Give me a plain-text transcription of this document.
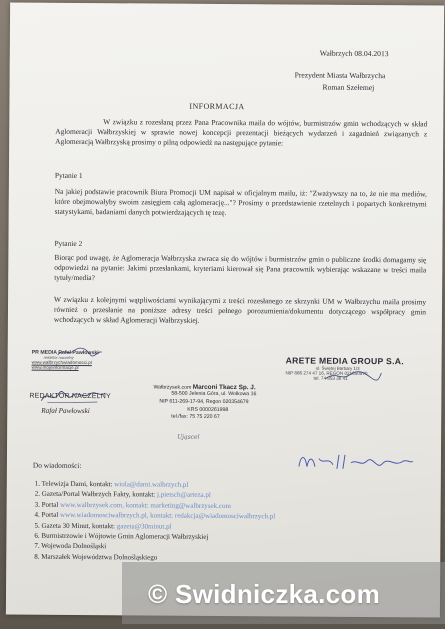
Wałbrzych 08.04.2013
Prezydent Miasta Wałbrzycha
Roman Szełemej
INFORMACJA

W związku z rozesłaną przez Pana Pracownika maila do wójtów, burmistrzów gmin wchodzących w skład Aglomeracji Wałbrzyskiej w sprawie nowej koncepcji prezentacji bieżących wydarzeń i zagadnień związanych z Aglomeracją Wałbrzyską prosimy o pilną odpowiedź na następujące pytanie:

Pytanie 1

Na jakiej podstawie pracownik Biura Promocji UM napisał w oficjalnym mailu, iż: "Zważywszy na to, że nie ma mediów, które obejmowałyby swoim zasięgiem całą aglomerację..."? Prosimy o przedstawienie rzetelnych i popartych konkretnymi statystykami, badaniami danych potwierdzających tę tezę.

Pytanie 2

Biorąc pod uwagę, że Aglomeracja Wałbrzyska zwraca się do wójtów i burmistrzów gmin o publiczne środki domagamy się odpowiedzi na pytanie: Jakimi przesłankami, kryteriami kierował się Pana pracownik wybierając wskazane w treści maila tytuły/media?

W związku z kolejnymi wątpliwościami wynikającymi z treści rozesłanego ze skrzynki UM w Wałbrzychu maila prosimy również o przesłanie na poniższe adresy treści pełnego porozumienia/dokumentu dotyczącego współpracy gmin wchodzących w skład Aglomeracji Wałbrzyskiej.

PR MEDIA Rafał Pawłowski
redaktor naczelny
www.walbrzychwiadomosci.pl
www.mojeinformacje.pl
REDAKTOR NACZELNY
Rafał Pawłowski
ARETE MEDIA GROUP S.A.
ul. Świętej Barbary 1/3
NIP 886 274 47 16, REGON 021850570
tel. 74 853 38 41
Wałbrzysek.com Marconi Tkacz Sp. J.
58-500 Jelenia Góra, ul. Wolkowa 16
NIP 611-269-17-94, Regon 020354679
KRS 0000261998
tel./fax: 75 75 220 67
Ująscel
Do wiadomości:
1. Telewizja Dami, kontakt: wiola@dami.walbrzych.pl
2. Gazeta/Portal Wałbrzych Fakty, kontakt: j.pietsch@arteza.pl
3. Portal www.walbrzysek.com, kontakt: marketing@walbrzysek.com
4. Portal www.wiadomosciwalbrzych.pl, kontakt: redakcja@wiadomosciwalbrzych.pl
5. Gazeta 30 Minut, kontakt: gazeta@30minut.pl
6. Burmistrzowie i Wójtowie Gmin Aglomeracji Wałbrzyskiej
7. Wojewoda Dolnośląski
8. Marszałek Województwa Dolnośląskiego
© Swidniczka.com
